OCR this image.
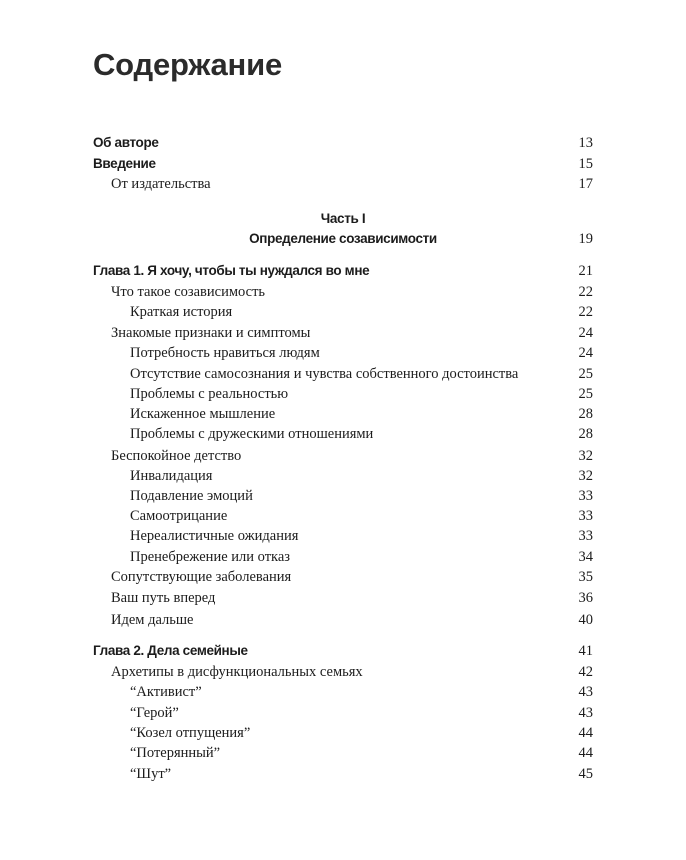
Содержание
Об авторе	13
Введение	15
От издательства	17
Часть I
Определение созависимости	19
Глава 1. Я хочу, чтобы ты нуждался во мне	21
Что такое созависимость	22
Краткая история	22
Знакомые признаки и симптомы	24
Потребность нравиться людям	24
Отсутствие самосознания и чувства собственного достоинства	25
Проблемы с реальностью	25
Искаженное мышление	28
Проблемы с дружескими отношениями	28
Беспокойное детство	32
Инвалидация	32
Подавление эмоций	33
Самоотрицание	33
Нереалистичные ожидания	33
Пренебрежение или отказ	34
Сопутствующие заболевания	35
Ваш путь вперед	36
Идем дальше	40
Глава 2. Дела семейные	41
Архетипы в дисфункциональных семьях	42
“Активист”	43
“Герой”	43
“Козел отпущения”	44
“Потерянный”	44
“Шут”	45
